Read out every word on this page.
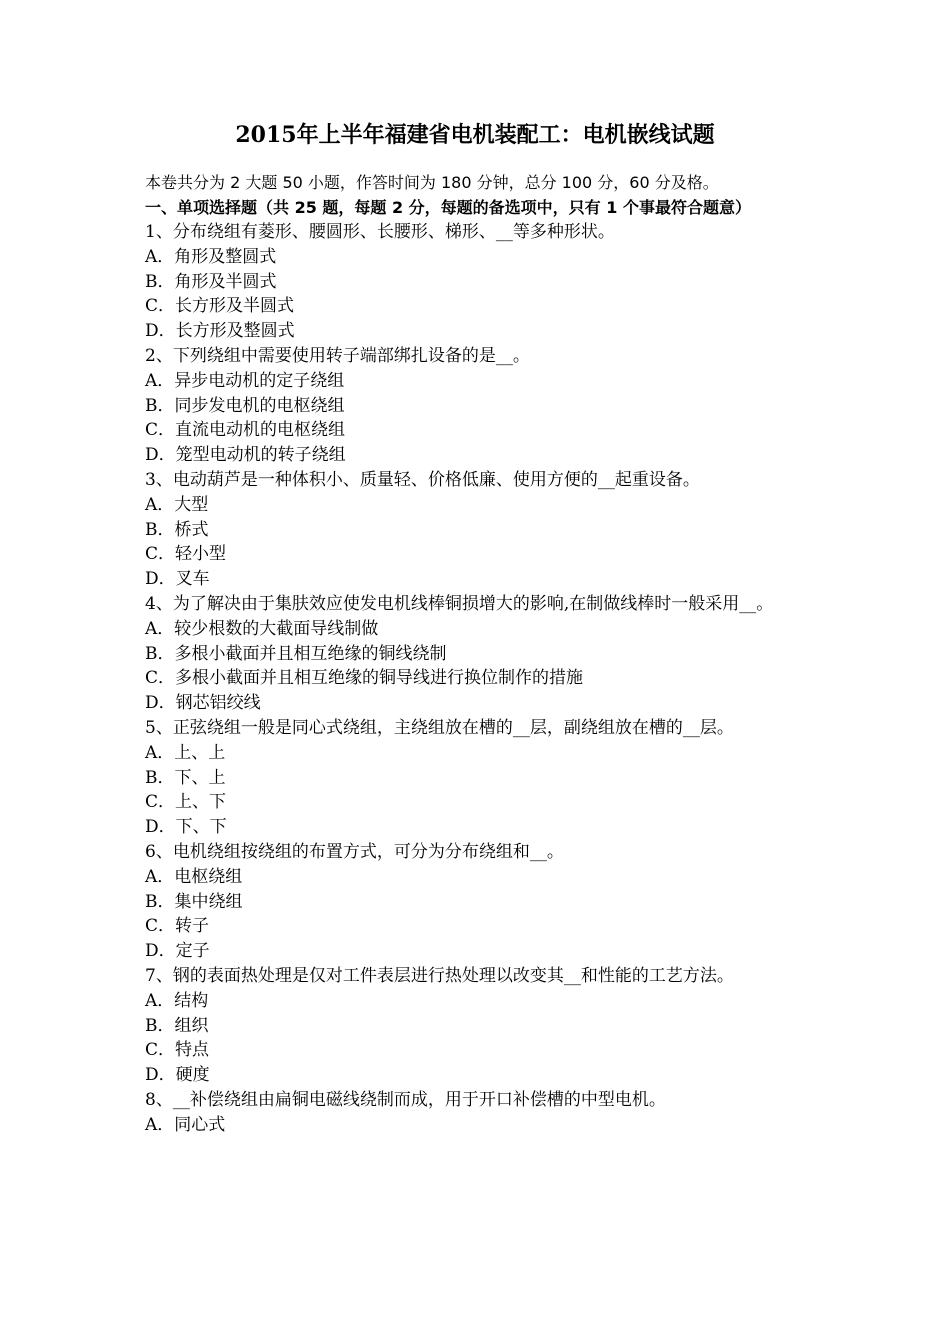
2015年上半年福建省电机装配工：电机嵌线试题
本卷共分为 2 大题 50 小题，作答时间为 180 分钟，总分 100 分，60 分及格。
一、单项选择题（共 25 题，每题 2 分，每题的备选项中，只有 1 个事最符合题意）
1、分布绕组有菱形、腰圆形、长腰形、梯形、__等多种形状。
A．角形及整圆式
B．角形及半圆式
C．长方形及半圆式
D．长方形及整圆式
2、下列绕组中需要使用转子端部绑扎设备的是__。
A．异步电动机的定子绕组
B．同步发电机的电枢绕组
C．直流电动机的电枢绕组
D．笼型电动机的转子绕组
3、电动葫芦是一种体积小、质量轻、价格低廉、使用方便的__起重设备。
A．大型
B．桥式
C．轻小型
D．叉车
4、为了解决由于集肤效应使发电机线棒铜损增大的影响,在制做线棒时一般采用__。
A．较少根数的大截面导线制做
B．多根小截面并且相互绝缘的铜线绕制
C．多根小截面并且相互绝缘的铜导线进行换位制作的措施
D．钢芯铝绞线
5、正弦绕组一般是同心式绕组，主绕组放在槽的__层，副绕组放在槽的__层。
A．上、上
B．下、上
C．上、下
D．下、下
6、电机绕组按绕组的布置方式，可分为分布绕组和__。
A．电枢绕组
B．集中绕组
C．转子
D．定子
7、钢的表面热处理是仅对工件表层进行热处理以改变其__和性能的工艺方法。
A．结构
B．组织
C．特点
D．硬度
8、__补偿绕组由扁铜电磁线绕制而成，用于开口补偿槽的中型电机。
A．同心式
